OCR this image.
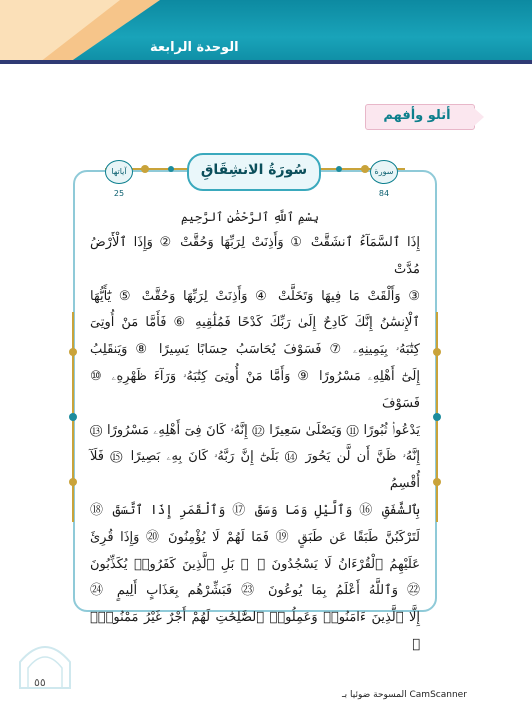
الوحدة الرابعة
أتلو وأفهم
سُورَةُ الانشِقَاقِ	سورة 84
آياتها 25
بِسْمِ ٱللَّهِ ٱلرَّحْمَٰنِ ٱلرَّحِيمِ
إِذَا ٱلسَّمَآءُ ٱنشَقَّتْ ① وَأَذِنَتْ لِرَبِّهَا وَحُقَّتْ ② وَإِذَا ٱلْأَرْضُ مُدَّتْ
③ وَأَلْقَتْ مَا فِيهَا وَتَخَلَّتْ ④ وَأَذِنَتْ لِرَبِّهَا وَحُقَّتْ ⑤ يَٰٓأَيُّهَا
ٱلْإِنسَٰنُ إِنَّكَ كَادِحٌ إِلَىٰ رَبِّكَ كَدْحًا فَمُلَٰقِيهِ ⑥ فَأَمَّا مَنْ أُوتِىَ
كِتَٰبَهُۥ بِيَمِينِهِۦ ⑦ فَسَوْفَ يُحَاسَبُ حِسَابًا يَسِيرًا ⑧ وَيَنقَلِبُ
إِلَىٰٓ أَهْلِهِۦ مَسْرُورًا ⑨ وَأَمَّا مَنْ أُوتِىَ كِتَٰبَهُۥ وَرَآءَ ظَهْرِهِۦ ⑩ فَسَوْفَ
يَدْعُوا۟ ثُبُورًا ⑪ وَيَصْلَىٰ سَعِيرًا ⑫ إِنَّهُۥ كَانَ فِىٓ أَهْلِهِۦ مَسْرُورًا ⑬
إِنَّهُۥ ظَنَّ أَن لَّن يَحُورَ ⑭ بَلَىٰٓ إِنَّ رَبَّهُۥ كَانَ بِهِۦ بَصِيرًا ⑮ فَلَآ أُقْسِمُ
بِٱلشَّفَقِ ⑯ وَٱلَّيْلِ وَمَا وَسَقَ ⑰ وَٱلْقَمَرِ إِذَا ٱتَّسَقَ ⑱
لَتَرْكَبُنَّ طَبَقًا عَن طَبَقٍ ⑲ فَمَا لَهُمْ لَا يُؤْمِنُونَ ⑳ وَإِذَا قُرِئَ
عَلَيْهِمُ ٱلْقُرْءَانُ لَا يَسْجُدُونَ ۩ ㉑ بَلِ ٱلَّذِينَ كَفَرُوا۟ يُكَذِّبُونَ
㉒ وَٱللَّهُ أَعْلَمُ بِمَا يُوعُونَ ㉓ فَبَشِّرْهُم بِعَذَابٍ أَلِيمٍ ㉔
إِلَّا ٱلَّذِينَ ءَامَنُوا۟ وَعَمِلُوا۟ ٱلصَّٰلِحَٰتِ لَهُمْ أَجْرٌ غَيْرُ مَمْنُونٍۭ ㉕
٥٥
المسوحة ضوئيا بـ CamScanner
